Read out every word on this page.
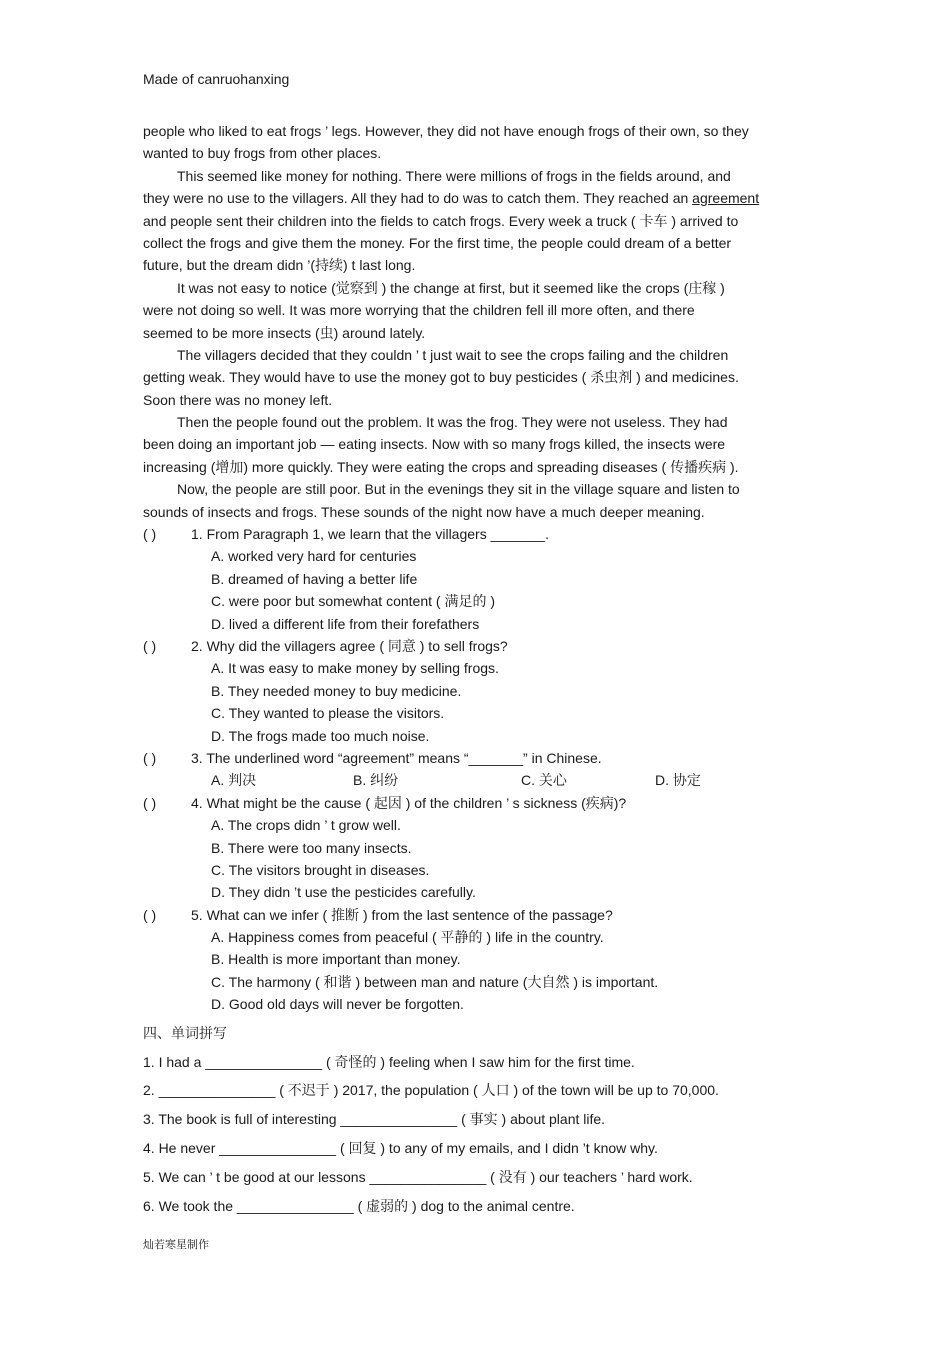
Made of canruohanxing
people who liked to eat frogs ’ legs. However, they did not have enough frogs of their own, so they
wanted to buy frogs from other places.
This seemed like money for nothing. There were millions of frogs in the fields around, and
they were no use to the villagers. All they had to do was to catch them. They reached an agreement
and people sent their children into the fields to catch frogs. Every week a truck ( 卡车 ) arrived to
collect the frogs and give them the money. For the first time, the people could dream of a better
future, but the dream didn ’(持续) t last long.
It was not easy to notice (觉察到 ) the change at first, but it seemed like the crops (庄稼 )
were not doing so well. It was more worrying that the children fell ill more often, and there
seemed to be more insects (虫) around lately.
The villagers decided that they couldn ’ t just wait to see the crops failing and the children
getting weak. They would have to use the money got to buy pesticides ( 杀虫剂 ) and medicines.
Soon there was no money left.
Then the people found out the problem. It was the frog. They were not useless. They had
been doing an important job — eating insects. Now with so many frogs killed, the insects were
increasing (增加) more quickly. They were eating the crops and spreading diseases ( 传播疾病 ).
Now, the people are still poor. But in the evenings they sit in the village square and listen to
sounds of insects and frogs. These sounds of the night now have a much deeper meaning.
( )	1. From Paragraph 1, we learn that the villagers _______.
A. worked very hard for centuries
B. dreamed of having a better life
C. were poor but somewhat content ( 满足的 )
D. lived a different life from their forefathers
( )	2. Why did the villagers agree ( 同意 ) to sell frogs?
A. It was easy to make money by selling frogs.
B. They needed money to buy medicine.
C. They wanted to please the visitors.
D. The frogs made too much noise.
( )	3. The underlined word “agreement” means “_______” in Chinese.
A. 判决	B. 纠纷	C. 关心	D. 协定
( )	4. What might be the cause ( 起因 ) of the children ’ s sickness (疾病)?
A. The crops didn ’ t grow well.
B. There were too many insects.
C. The visitors brought in diseases.
D. They didn ’t use the pesticides carefully.
( )	5. What can we infer ( 推断 ) from the last sentence of the passage?
A. Happiness comes from peaceful ( 平静的 ) life in the country.
B. Health is more important than money.
C. The harmony ( 和谐 ) between man and nature (大自然 ) is important.
D. Good old days will never be forgotten.
四、单词拼写
1. I had a _______________ ( 奇怪的 ) feeling when I saw him for the first time.
2. _______________ ( 不迟于 ) 2017, the population ( 人口 ) of the town will be up to 70,000.
3. The book is full of interesting _______________ ( 事实 ) about plant life.
4. He never _______________ ( 回复 ) to any of my emails, and I didn ’t know why.
5. We can ’ t be good at our lessons _______________ ( 没有 ) our teachers ’ hard work.
6. We took the _______________ ( 虚弱的 ) dog to the animal centre.
灿若寒星制作
